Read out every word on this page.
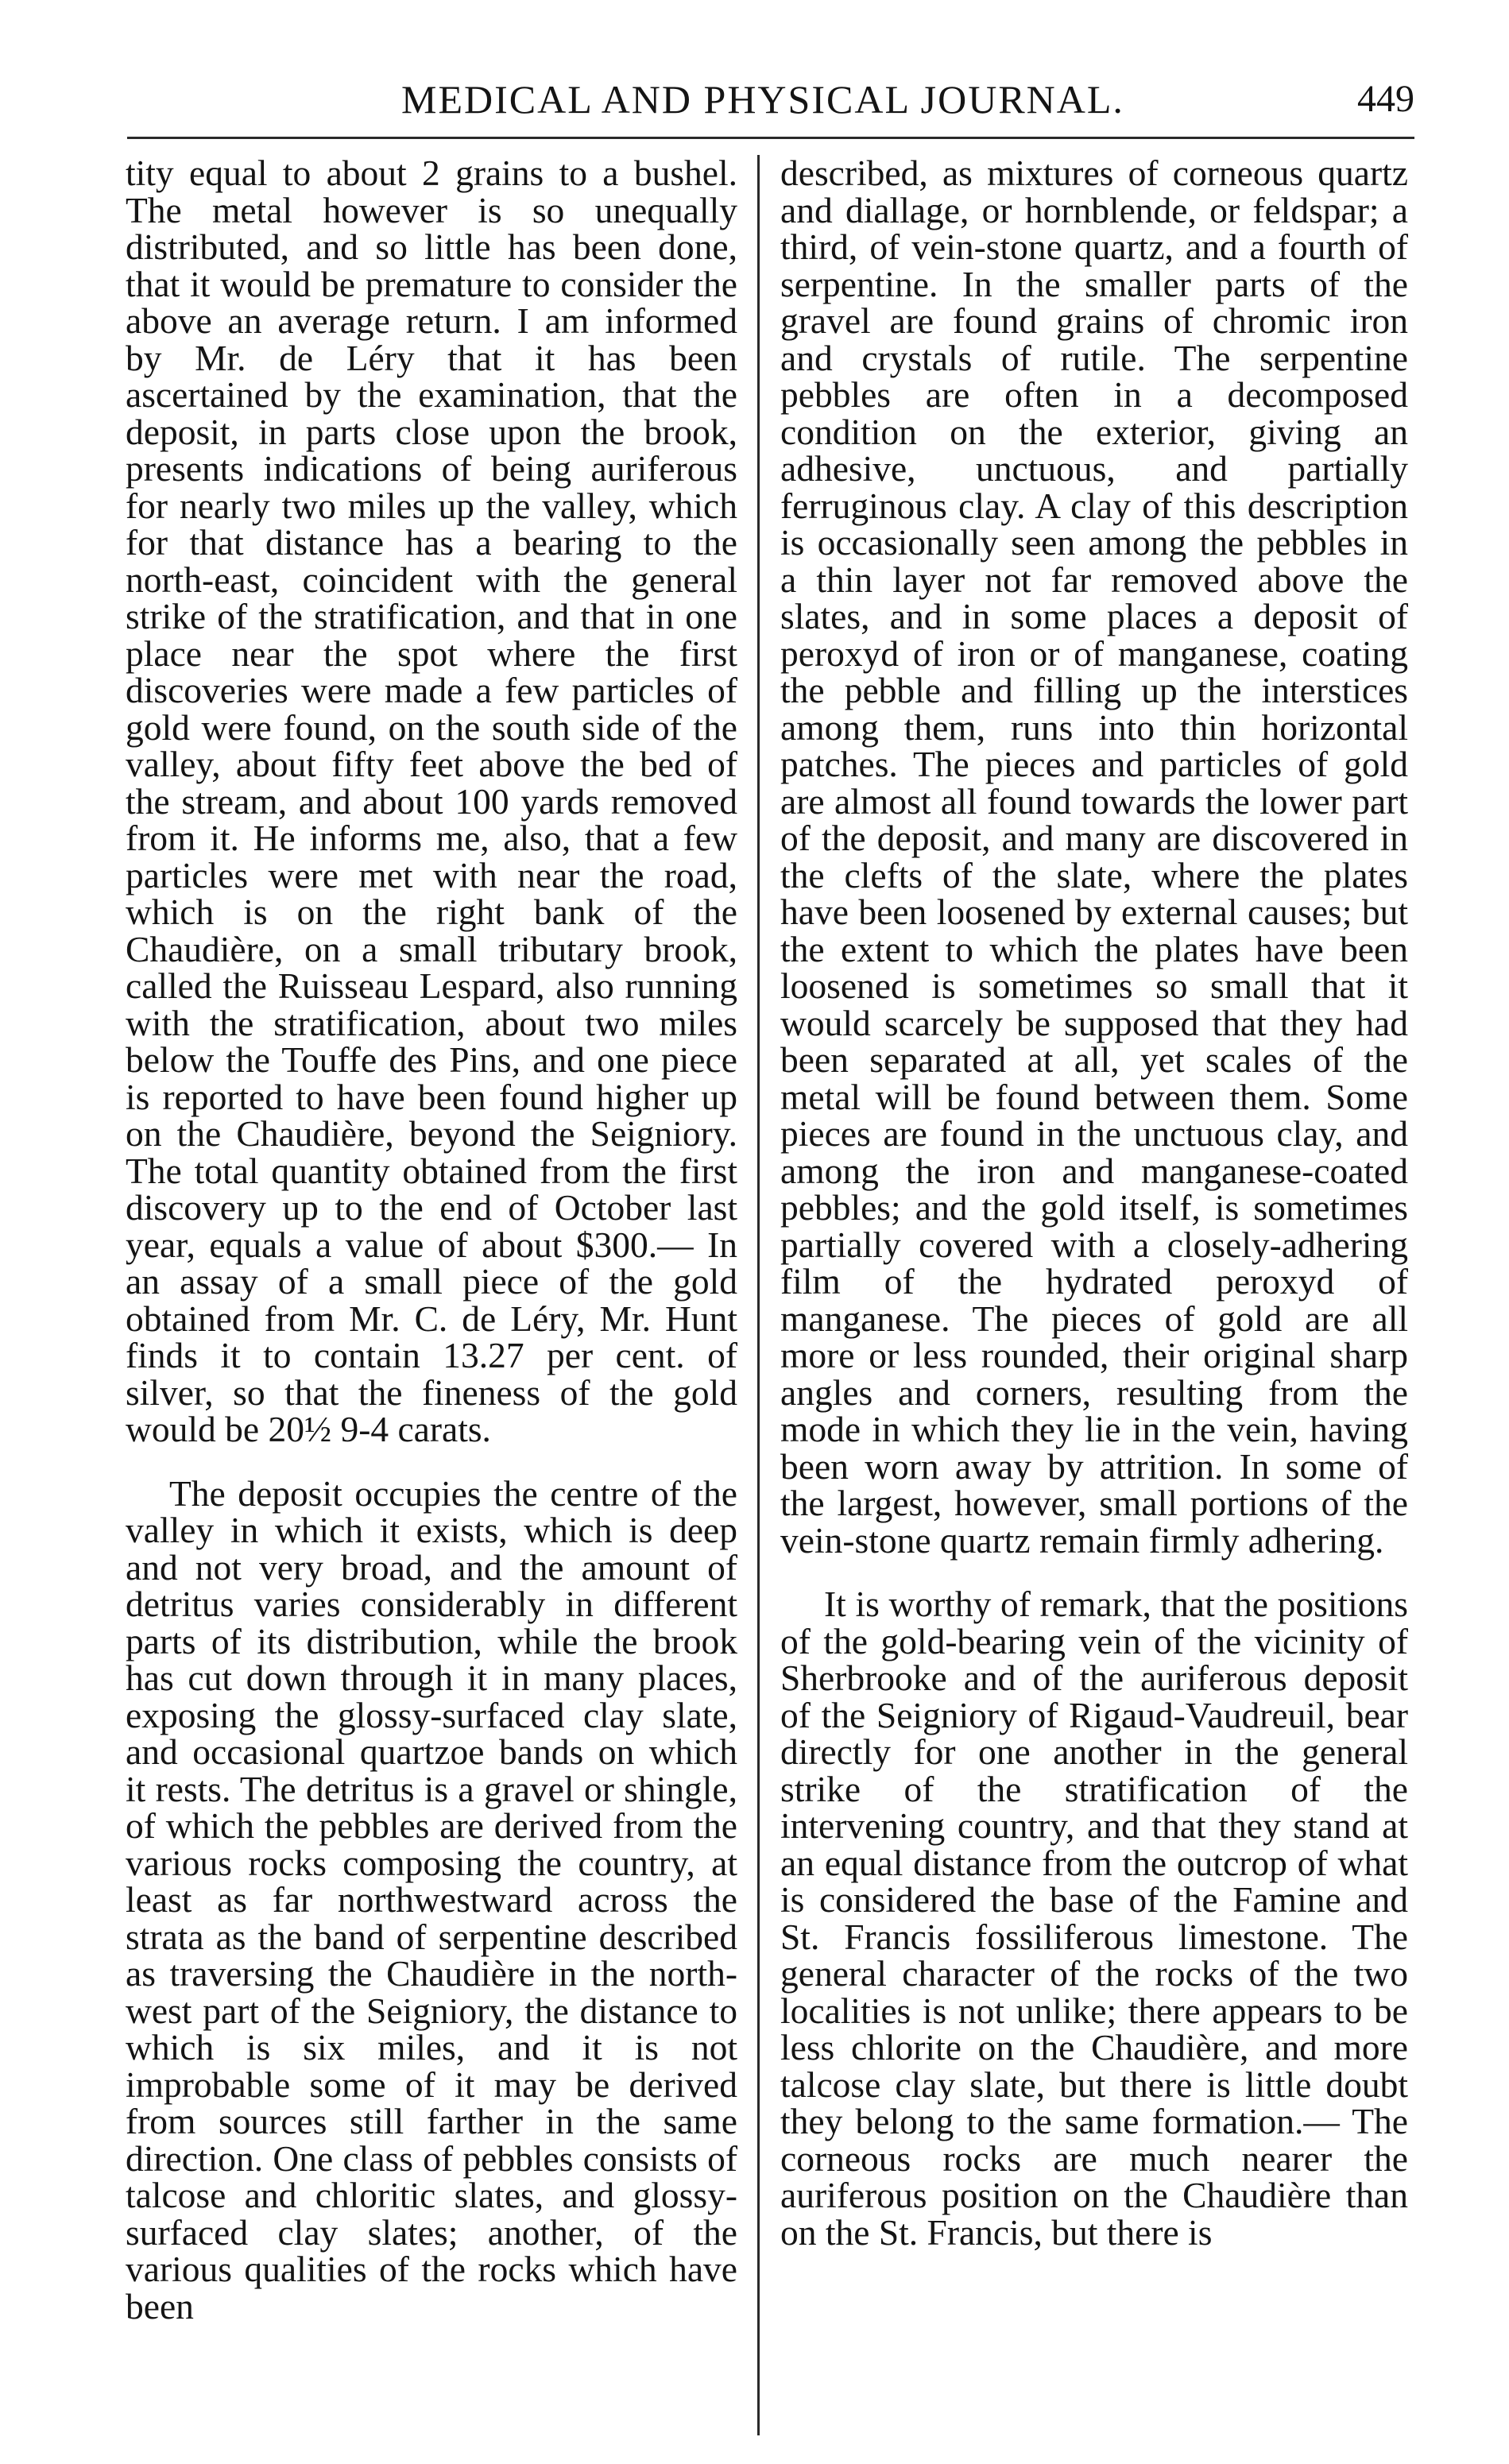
MEDICAL AND PHYSICAL JOURNAL.	449

tity equal to about 2 grains to a bushel. The metal however is so unequally distributed, and so little has been done, that it would be premature to consider the above an average return. I am informed by Mr. de Léry that it has been ascertained by the examination, that the deposit, in parts close upon the brook, presents indications of being auriferous for nearly two miles up the valley, which for that distance has a bearing to the north-east, coincident with the general strike of the stratification, and that in one place near the spot where the first discoveries were made a few particles of gold were found, on the south side of the valley, about fifty feet above the bed of the stream, and about 100 yards removed from it. He informs me, also, that a few particles were met with near the road, which is on the right bank of the Chaudière, on a small tributary brook, called the Ruisseau Lespard, also running with the stratification, about two miles below the Touffe des Pins, and one piece is reported to have been found higher up on the Chaudière, beyond the Seigniory. The total quantity obtained from the first discovery up to the end of October last year, equals a value of about $300.— In an assay of a small piece of the gold obtained from Mr. C. de Léry, Mr. Hunt finds it to contain 13.27 per cent. of silver, so that the fineness of the gold would be 20½ 9-4 carats.

The deposit occupies the centre of the valley in which it exists, which is deep and not very broad, and the amount of detritus varies considerably in different parts of its distribution, while the brook has cut down through it in many places, exposing the glossy-surfaced clay slate, and occasional quartzoe bands on which it rests. The detritus is a gravel or shingle, of which the pebbles are derived from the various rocks composing the country, at least as far northwestward across the strata as the band of serpentine described as traversing the Chaudière in the north-west part of the Seigniory, the distance to which is six miles, and it is not improbable some of it may be derived from sources still farther in the same direction. One class of pebbles consists of talcose and chloritic slates, and glossy-surfaced clay slates; another, of the various qualities of the rocks which have been

described, as mixtures of corneous quartz and diallage, or hornblende, or feldspar; a third, of vein-stone quartz, and a fourth of serpentine. In the smaller parts of the gravel are found grains of chromic iron and crystals of rutile. The serpentine pebbles are often in a decomposed condition on the exterior, giving an adhesive, unctuous, and partially ferruginous clay. A clay of this description is occasionally seen among the pebbles in a thin layer not far removed above the slates, and in some places a deposit of peroxyd of iron or of manganese, coating the pebble and filling up the interstices among them, runs into thin horizontal patches. The pieces and particles of gold are almost all found towards the lower part of the deposit, and many are discovered in the clefts of the slate, where the plates have been loosened by external causes; but the extent to which the plates have been loosened is sometimes so small that it would scarcely be supposed that they had been separated at all, yet scales of the metal will be found between them. Some pieces are found in the unctuous clay, and among the iron and manganese-coated pebbles; and the gold itself, is sometimes partially covered with a closely-adhering film of the hydrated peroxyd of manganese. The pieces of gold are all more or less rounded, their original sharp angles and corners, resulting from the mode in which they lie in the vein, having been worn away by attrition. In some of the largest, however, small portions of the vein-stone quartz remain firmly adhering.

It is worthy of remark, that the positions of the gold-bearing vein of the vicinity of Sherbrooke and of the auriferous deposit of the Seigniory of Rigaud-Vaudreuil, bear directly for one another in the general strike of the stratification of the intervening country, and that they stand at an equal distance from the outcrop of what is considered the base of the Famine and St. Francis fossiliferous limestone. The general character of the rocks of the two localities is not unlike; there appears to be less chlorite on the Chaudière, and more talcose clay slate, but there is little doubt they belong to the same formation.— The corneous rocks are much nearer the auriferous position on the Chaudière than on the St. Francis, but there is
